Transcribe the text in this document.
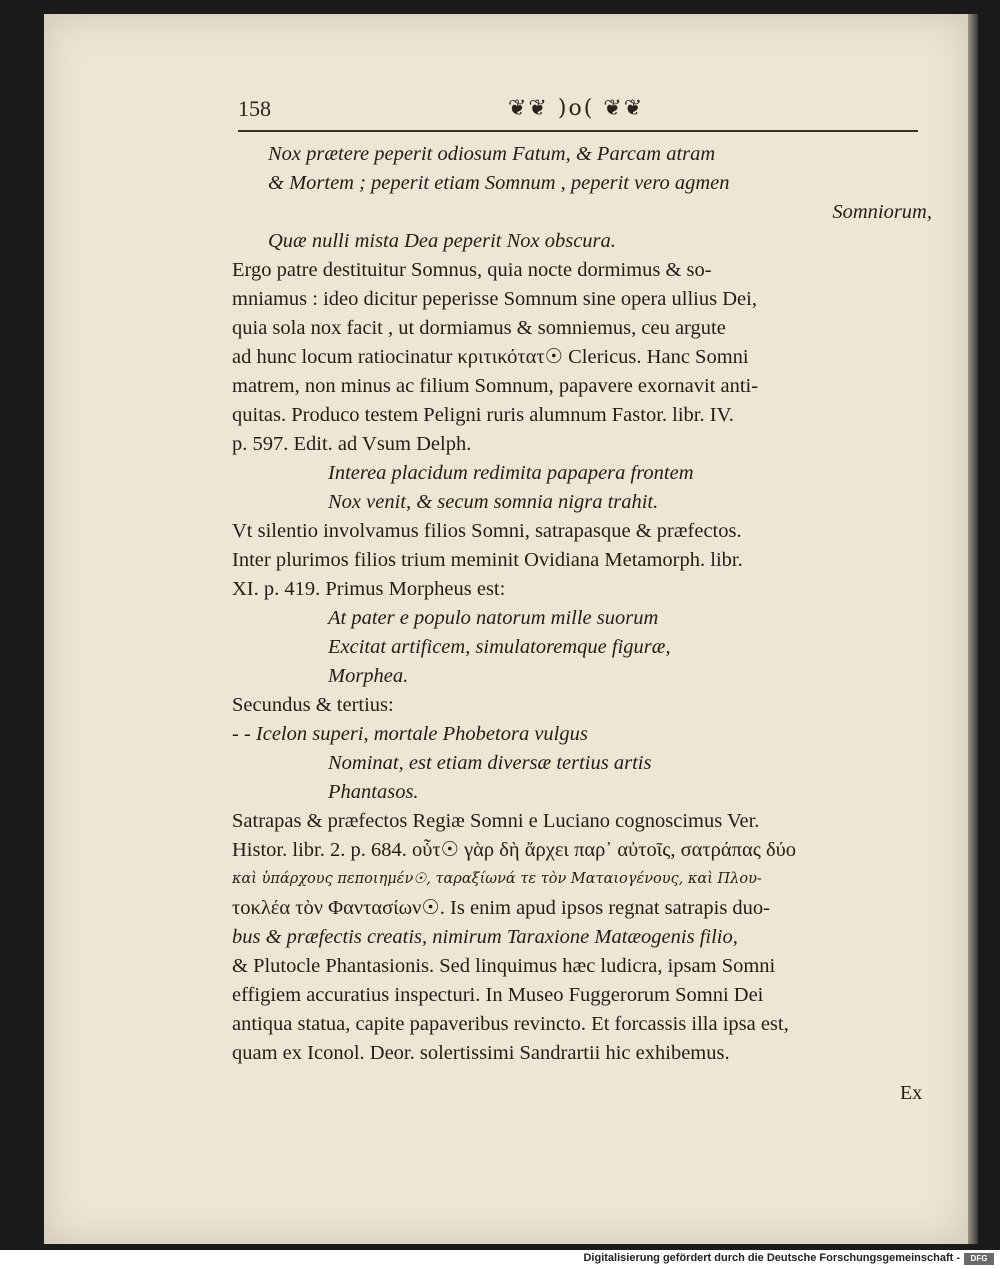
158	❦❦ )o( ❦❦
Nox prætere peperit odiosum Fatum, & Parcam atram
& Mortem ; peperit etiam Somnum , peperit vero agmen
Somniorum,
Quæ nulli mista Dea peperit Nox obscura.
Ergo patre destituitur Somnus, quia nocte dormimus & so-
mniamus : ideo dicitur peperisse Somnum sine opera ullius Dei,
quia sola nox facit , ut dormiamus & somniemus, ceu argute
ad hunc locum ratiocinatur κριτικότατ☉ Clericus. Hanc Somni
matrem, non minus ac filium Somnum, papavere exornavit anti-
quitas. Produco testem Peligni ruris alumnum Fastor. libr. IV.
p. 597. Edit. ad Vsum Delph.
Interea placidum redimita papapera frontem
Nox venit, & secum somnia nigra trahit.
Vt silentio involvamus filios Somni, satrapasque & præfectos.
Inter plurimos filios trium meminit Ovidiana Metamorph. libr.
XI. p. 419. Primus Morpheus est:
At pater e populo natorum mille suorum
Excitat artificem, simulatoremque figuræ,
Morphea.
Secundus & tertius:
- - Icelon superi, mortale Phobetora vulgus
Nominat, est etiam diversæ tertius artis
Phantasos.
Satrapas & præfectos Regiæ Somni e Luciano cognoscimus Ver.
Histor. libr. 2. p. 684. οὗτ☉ γὰρ δὴ ἄρχει παρ᾽ αὐτοῖς, σατράπας δύο
καὶ ὑπάρχους πεποιημέν☉, ταραξίωνά τε τὸν Ματαιογένους, καὶ Πλου-
τοκλέα τὸν Φαντασίων☉. Is enim apud ipsos regnat satrapis duo-
bus & præfectis creatis, nimirum Taraxione Matæogenis filio,
& Plutocle Phantasionis. Sed linquimus hæc ludicra, ipsam Somni
effigiem accuratius inspecturi. In Museo Fuggerorum Somni Dei
antiqua statua, capite papaveribus revincto. Et forcassis illa ipsa est,
quam ex Iconol. Deor. solertissimi Sandrartii hic exhibemus.
Ex
Digitalisierung gefördert durch die Deutsche Forschungsgemeinschaft -	DFG
